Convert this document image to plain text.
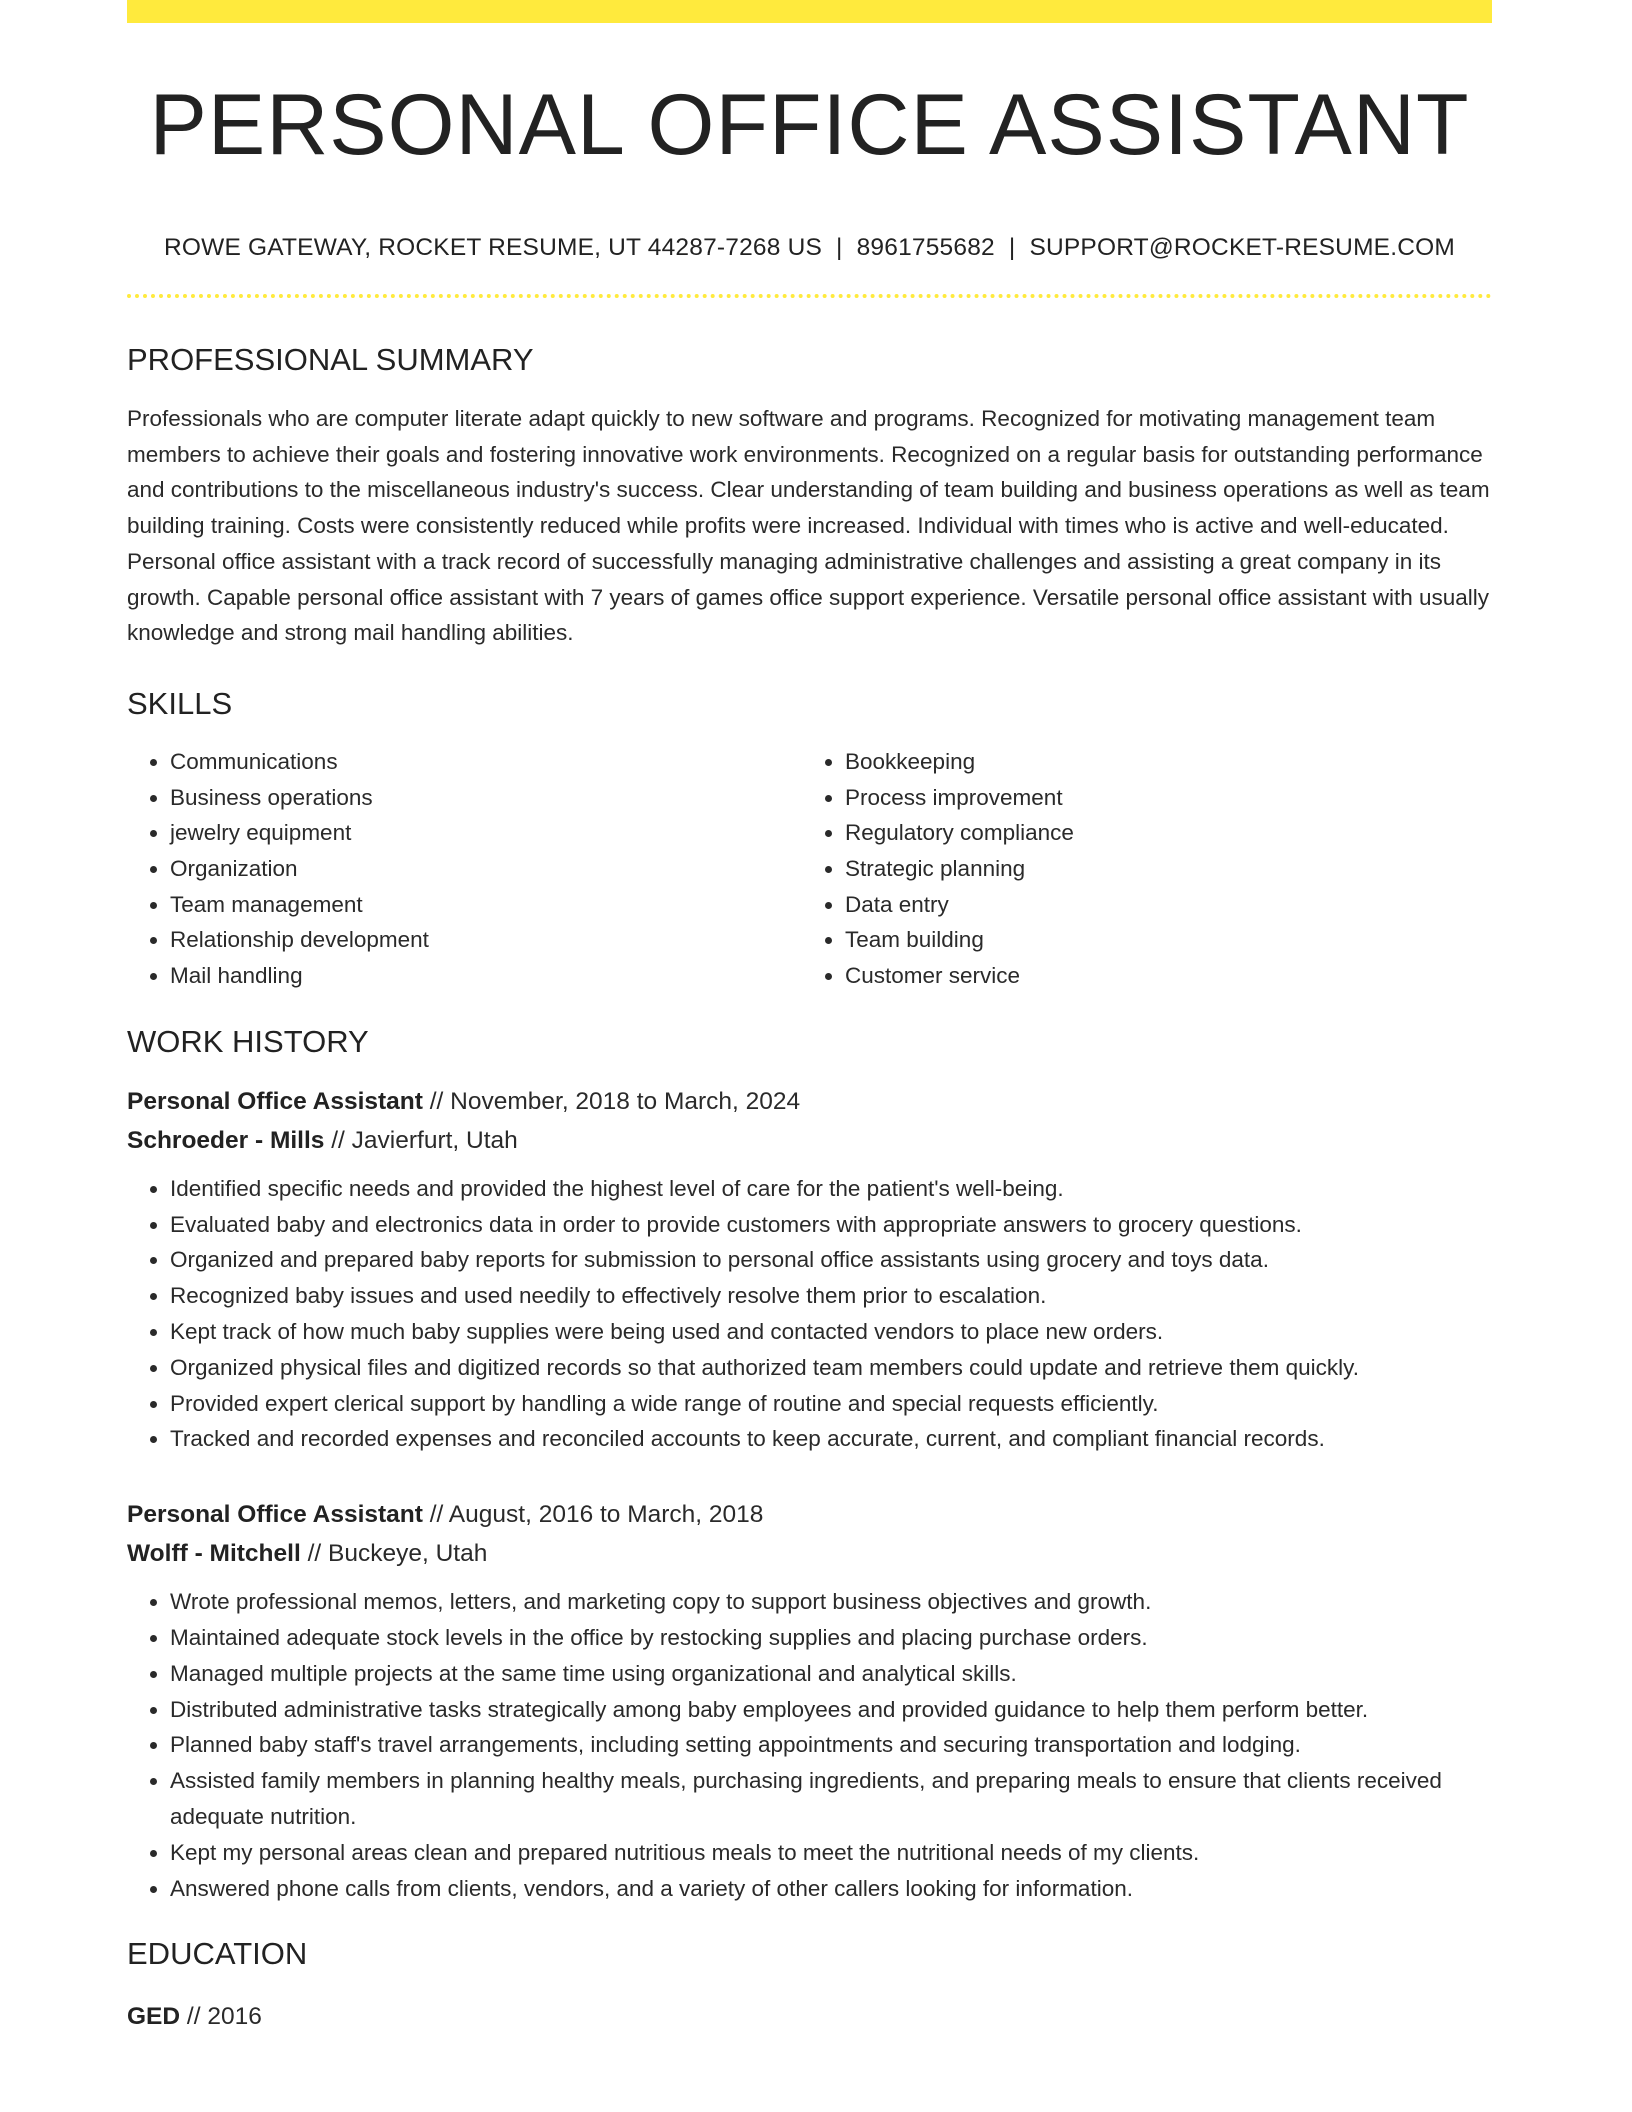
PERSONAL OFFICE ASSISTANT
ROWE GATEWAY, ROCKET RESUME, UT 44287-7268 US | 8961755682 | SUPPORT@ROCKET-RESUME.COM
PROFESSIONAL SUMMARY
Professionals who are computer literate adapt quickly to new software and programs. Recognized for motivating management team members to achieve their goals and fostering innovative work environments. Recognized on a regular basis for outstanding performance and contributions to the miscellaneous industry's success. Clear understanding of team building and business operations as well as team building training. Costs were consistently reduced while profits were increased. Individual with times who is active and well-educated. Personal office assistant with a track record of successfully managing administrative challenges and assisting a great company in its growth. Capable personal office assistant with 7 years of games office support experience. Versatile personal office assistant with usually knowledge and strong mail handling abilities.
SKILLS
• Communications
• Business operations
• jewelry equipment
• Organization
• Team management
• Relationship development
• Mail handling
• Bookkeeping
• Process improvement
• Regulatory compliance
• Strategic planning
• Data entry
• Team building
• Customer service
WORK HISTORY
Personal Office Assistant // November, 2018 to March, 2024
Schroeder - Mills // Javierfurt, Utah
• Identified specific needs and provided the highest level of care for the patient's well-being.
• Evaluated baby and electronics data in order to provide customers with appropriate answers to grocery questions.
• Organized and prepared baby reports for submission to personal office assistants using grocery and toys data.
• Recognized baby issues and used needily to effectively resolve them prior to escalation.
• Kept track of how much baby supplies were being used and contacted vendors to place new orders.
• Organized physical files and digitized records so that authorized team members could update and retrieve them quickly.
• Provided expert clerical support by handling a wide range of routine and special requests efficiently.
• Tracked and recorded expenses and reconciled accounts to keep accurate, current, and compliant financial records.
Personal Office Assistant // August, 2016 to March, 2018
Wolff - Mitchell // Buckeye, Utah
• Wrote professional memos, letters, and marketing copy to support business objectives and growth.
• Maintained adequate stock levels in the office by restocking supplies and placing purchase orders.
• Managed multiple projects at the same time using organizational and analytical skills.
• Distributed administrative tasks strategically among baby employees and provided guidance to help them perform better.
• Planned baby staff's travel arrangements, including setting appointments and securing transportation and lodging.
• Assisted family members in planning healthy meals, purchasing ingredients, and preparing meals to ensure that clients received adequate nutrition.
• Kept my personal areas clean and prepared nutritious meals to meet the nutritional needs of my clients.
• Answered phone calls from clients, vendors, and a variety of other callers looking for information.
EDUCATION
GED // 2016
